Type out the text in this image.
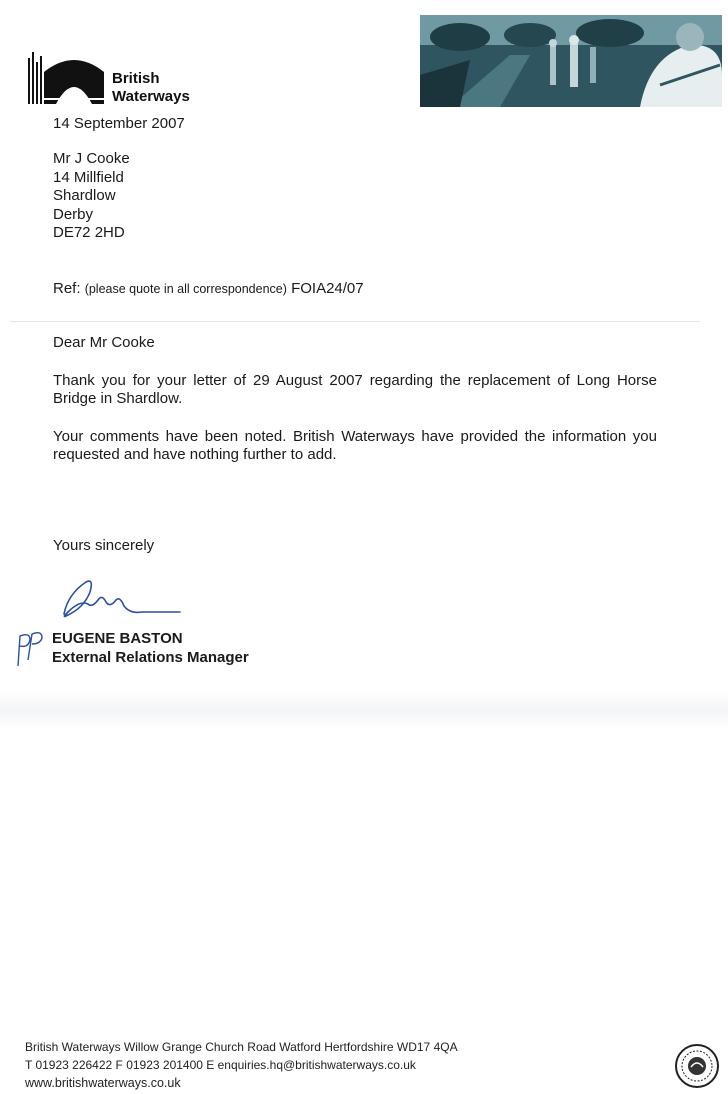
British
Waterways
14 September 2007
Mr J Cooke
14 Millfield
Shardlow
Derby
DE72 2HD
Ref: (please quote in all correspondence) FOIA24/07
Dear Mr Cooke
Thank you for your letter of 29 August 2007 regarding the replacement of Long Horse Bridge in Shardlow.
Your comments have been noted. British Waterways have provided the information you requested and have nothing further to add.
Yours sincerely
EUGENE BASTON
External Relations Manager
British Waterways Willow Grange Church Road Watford Hertfordshire WD17 4QA
T 01923 226422 F 01923 201400 E enquiries.hq@britishwaterways.co.uk
www.britishwaterways.co.uk
